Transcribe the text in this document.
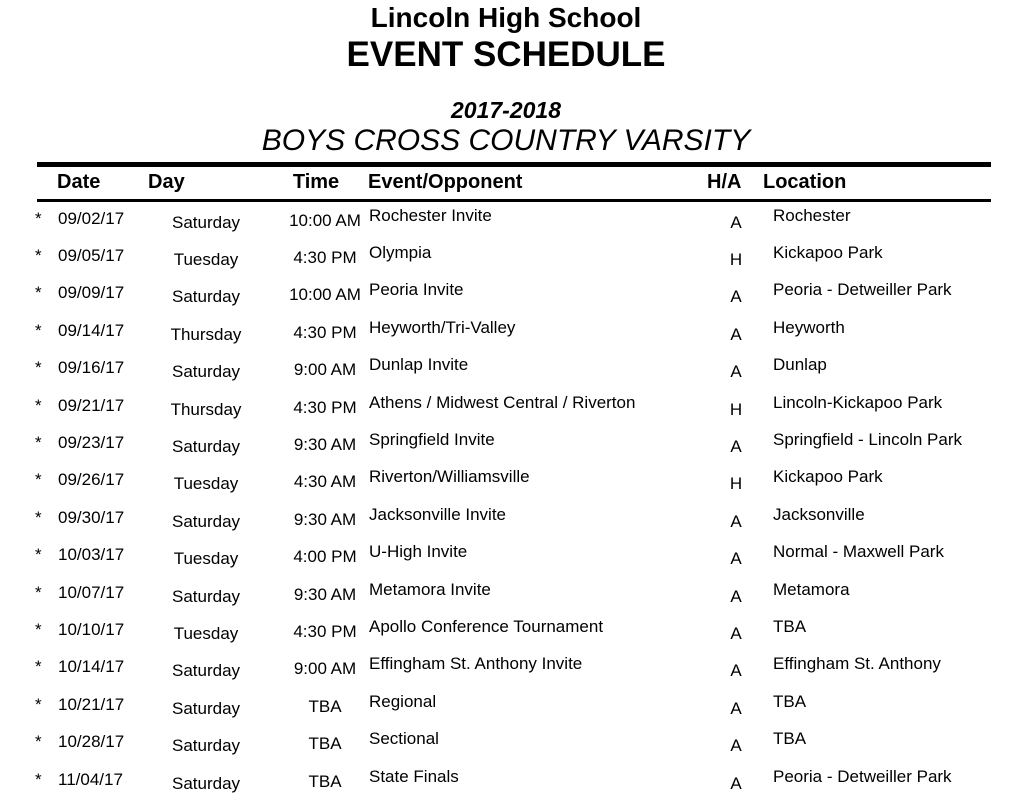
Lincoln High School
EVENT SCHEDULE
2017-2018
BOYS CROSS COUNTRY VARSITY
Date Day	Time Event/Opponent	H/A Location
* 09/02/17	Saturday	10:00 AM Rochester Invite	A Rochester
* 09/05/17	Tuesday	4:30 PM Olympia	H Kickapoo Park
* 09/09/17	Saturday	10:00 AM Peoria Invite	A Peoria - Detweiller Park
* 09/14/17	Thursday	4:30 PM Heyworth/Tri-Valley	A Heyworth
* 09/16/17	Saturday	9:00 AM Dunlap Invite	A Dunlap
* 09/21/17	Thursday	4:30 PM Athens / Midwest Central / Riverton	H Lincoln-Kickapoo Park
* 09/23/17	Saturday	9:30 AM Springfield Invite	A Springfield - Lincoln Park
* 09/26/17	Tuesday	4:30 AM Riverton/Williamsville	H Kickapoo Park
* 09/30/17	Saturday	9:30 AM Jacksonville Invite	A Jacksonville
* 10/03/17	Tuesday	4:00 PM U-High Invite	A Normal - Maxwell Park
* 10/07/17	Saturday	9:30 AM Metamora Invite	A Metamora
* 10/10/17	Tuesday	4:30 PM Apollo Conference Tournament	A TBA
* 10/14/17	Saturday	9:00 AM Effingham St. Anthony Invite	A Effingham St. Anthony
* 10/21/17	Saturday	TBA Regional	A TBA
* 10/28/17	Saturday	TBA Sectional	A TBA
* 11/04/17	Saturday	TBA State Finals	A Peoria - Detweiller Park
